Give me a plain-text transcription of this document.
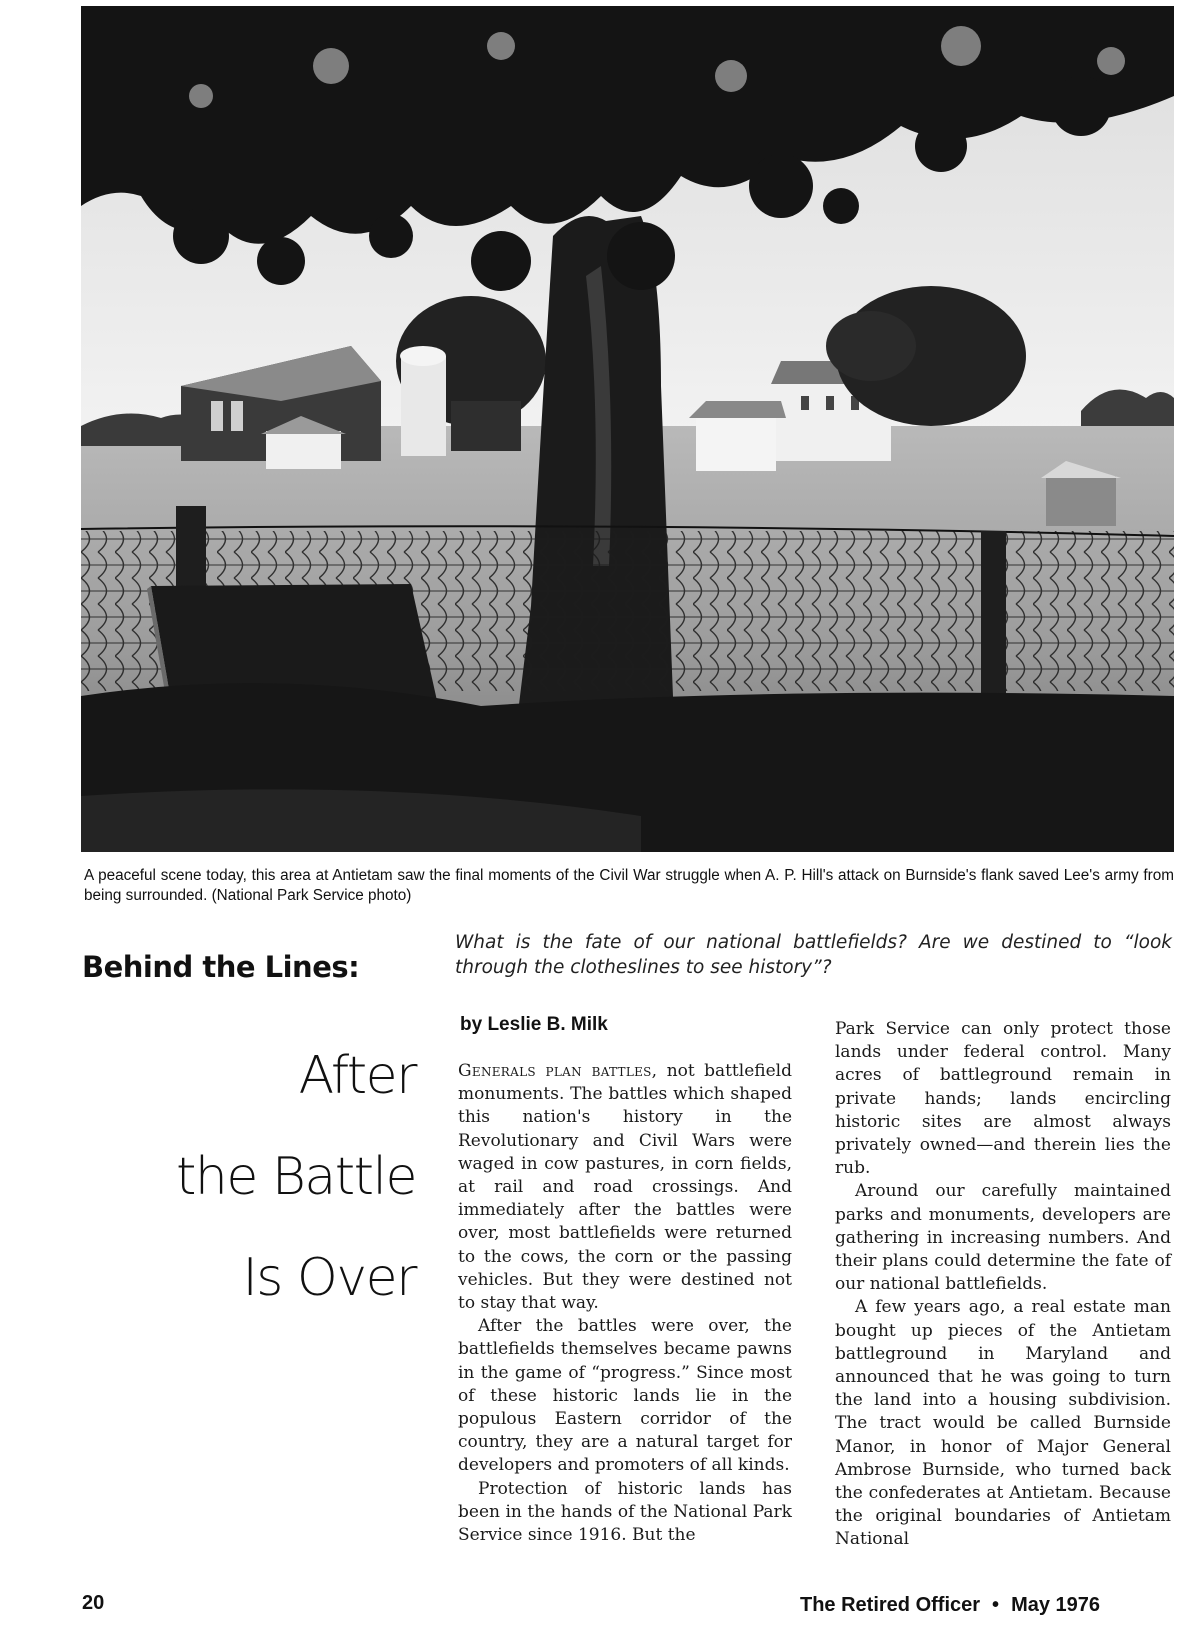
A peaceful scene today, this area at Antietam saw the final moments of the Civil War struggle when A. P. Hill's attack on Burnside's flank saved Lee's army from being surrounded. (National Park Service photo)
Behind the Lines:
What is the fate of our national battlefields? Are we destined to “look through the clotheslines to see history”?
After
the Battle
Is Over
by Leslie B. Milk

Generals plan battles, not battlefield monuments. The battles which shaped this nation's history in the Revolutionary and Civil Wars were waged in cow pastures, in corn fields, at rail and road crossings. And immediately after the battles were over, most battlefields were returned to the cows, the corn or the passing vehicles. But they were destined not to stay that way.

After the battles were over, the battlefields themselves became pawns in the game of “progress.” Since most of these historic lands lie in the populous Eastern corridor of the country, they are a natural target for developers and promoters of all kinds.

Protection of historic lands has been in the hands of the National Park Service since 1916. But the

Park Service can only protect those lands under federal control. Many acres of battleground remain in private hands; lands encircling historic sites are almost always privately owned—and therein lies the rub.

Around our carefully maintained parks and monuments, developers are gathering in increasing numbers. And their plans could determine the fate of our national battlefields.

A few years ago, a real estate man bought up pieces of the Antietam battleground in Maryland and announced that he was going to turn the land into a housing subdivision. The tract would be called Burnside Manor, in honor of Major General Ambrose Burnside, who turned back the confederates at Antietam. Because the original boundaries of Antietam National

20	The Retired Officer • May 1976
